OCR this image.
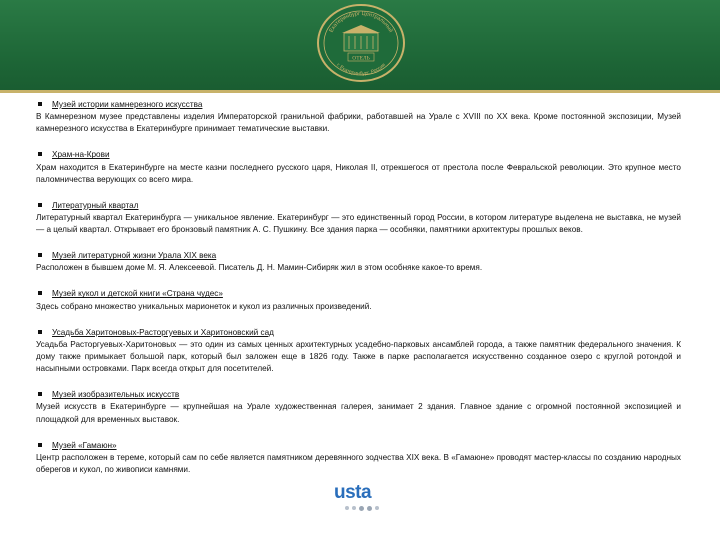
Екатеринбург Центральный
г. Екатеринбург, Россия
ОТЕЛЬ
Музей истории камнерезного искусства
В Камнерезном музее представлены изделия Императорской гранильной фабрики, работавшей на Урале с XVIII по XX века. Кроме постоянной экспозиции, Музей камнерезного искусства в Екатеринбурге принимает тематические выставки.
Храм-на-Крови
Храм находится в Екатеринбурге на месте казни последнего русского царя, Николая II, отрекшегося от престола после Февральской революции. Это крупное место паломничества верующих со всего мира.
Литературный квартал
Литературный квартал Екатеринбурга — уникальное явление. Екатеринбург — это единственный город России, в котором литературе выделена не выставка, не музей — а целый квартал. Открывает его бронзовый памятник А. С. Пушкину. Все здания парка — особняки, памятники архитектуры прошлых веков.
Музей литературной жизни Урала XIX века
Расположен в бывшем доме М. Я. Алексеевой. Писатель Д. Н. Мамин-Сибиряк жил в этом особняке какое-то время.
Музей кукол и детской книги «Страна чудес»
Здесь собрано множество уникальных марионеток и кукол из различных произведений.
Усадьба Харитоновых-Расторгуевых и Харитоновский сад
Усадьба Расторгуевых-Харитоновых — это один из самых ценных архитектурных усадебно-парковых ансамблей города, а также памятник федерального значения. К дому также примыкает большой парк, который был заложен еще в 1826 году. Также в парке располагается искусственно созданное озеро с круглой ротондой и насыпными островками. Парк всегда открыт для посетителей.
Музей изобразительных искусств
Музей искусств в Екатеринбурге — крупнейшая на Урале художественная галерея, занимает 2 здания. Главное здание с огромной постоянной экспозицией и площадкой для временных выставок.
Музей «Гамаюн»
Центр расположен в тереме, который сам по себе является памятником деревянного зодчества XIX века. В «Гамаюне» проводят мастер-классы по созданию народных оберегов и кукол, по живописи камнями.
usta
